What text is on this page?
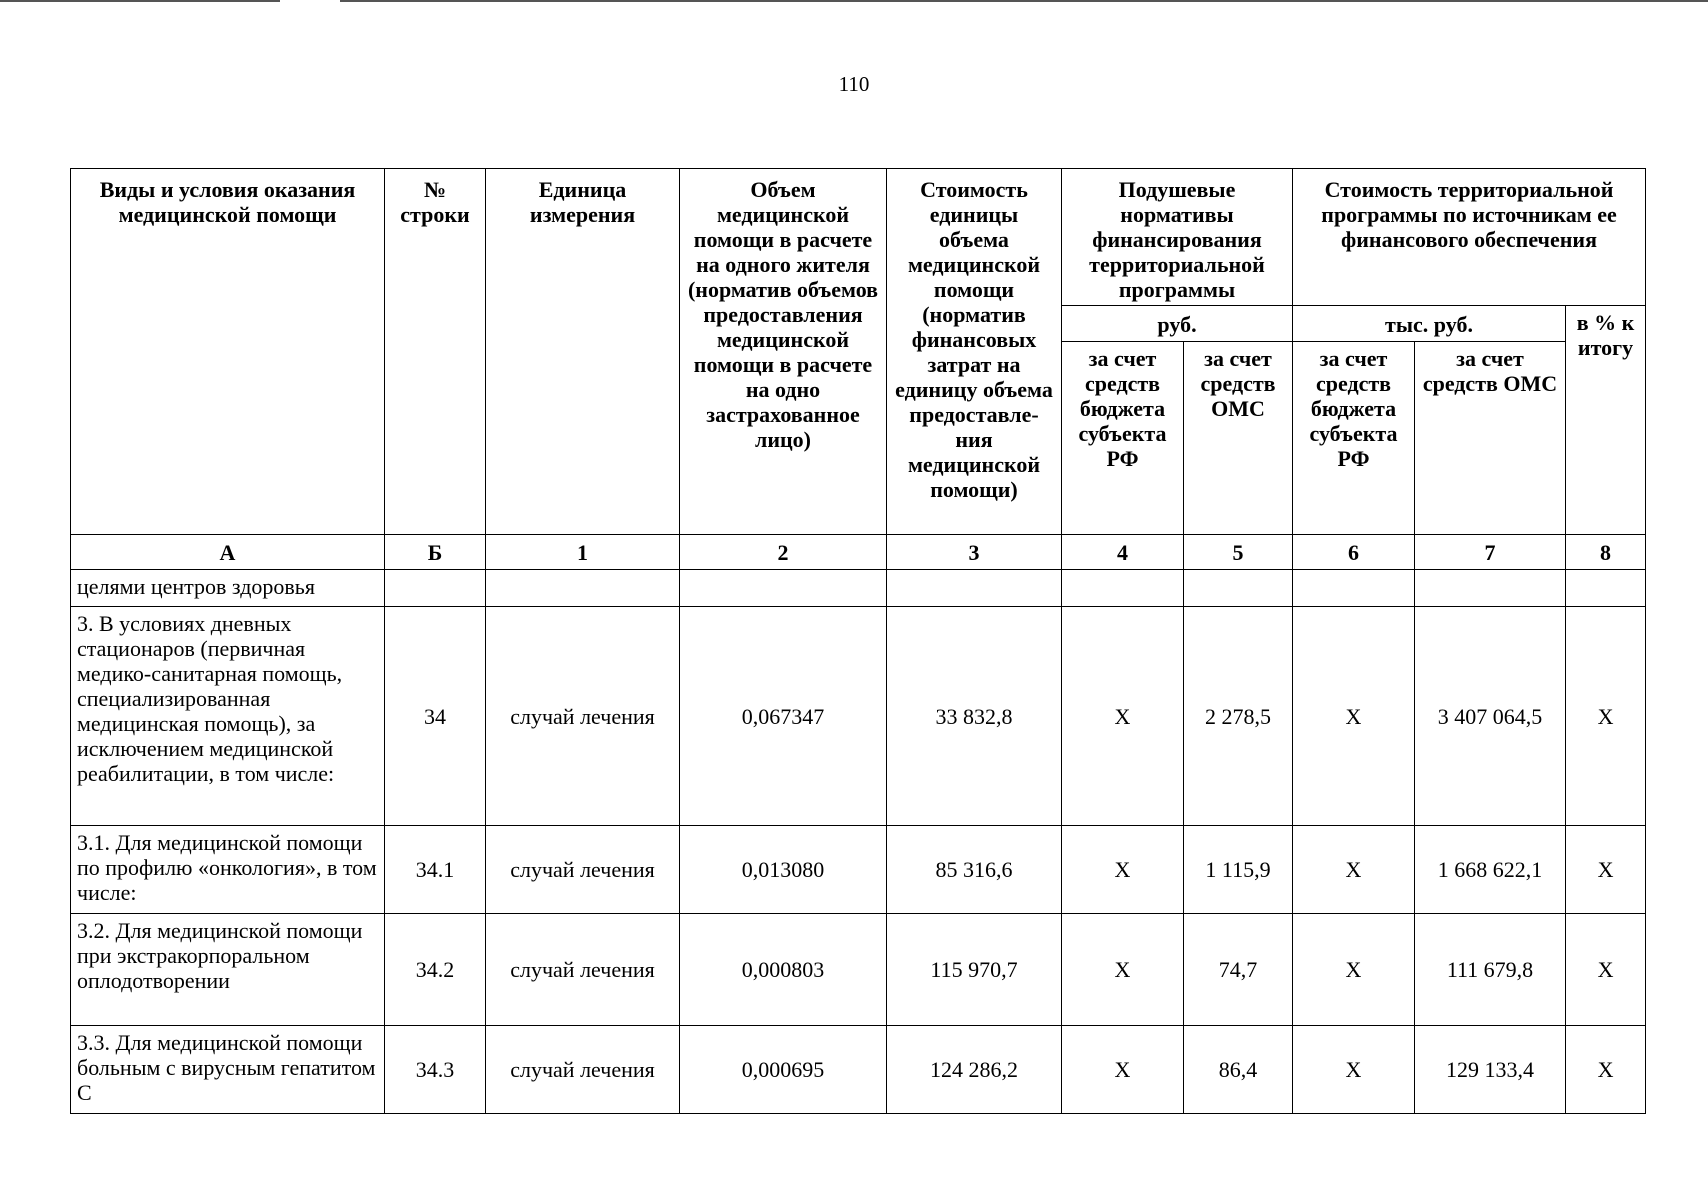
110
Виды и условия оказания медицинской помощи	№ строки	Единица измерения	Объем медицинской помощи в расчете на одного жителя (норматив объемов предоставления медицинской помощи в расчете на одно застрахованное лицо)	Стоимость единицы объема медицинской помощи (норматив финансовых затрат на единицу объема предоставле-ния медицинской помощи)	Подушевые нормативы финансирования территориальной программы		Стоимость территориальной программы по источникам ее финансового обеспечения		
					руб.		тыс. руб.		в % к итогу
					за счет средств бюджета субъекта РФ	за счет средств ОМС	за счет средств бюджета субъекта РФ	за счет средств ОМС	
А	Б	1	2	3	4	5	6	7	8
целями центров здоровья									
3. В условиях дневных стационаров (первичная медико-санитарная помощь, специализированная медицинская помощь), за исключением медицинской реабилитации, в том числе:	34	случай лечения	0,067347	33 832,8	Х	2 278,5	Х	3 407 064,5	Х
3.1. Для медицинской помощи по профилю «онкология», в том числе:	34.1	случай лечения	0,013080	85 316,6	Х	1 115,9	Х	1 668 622,1	Х
3.2. Для медицинской помощи при экстракорпоральном оплодотворении	34.2	случай лечения	0,000803	115 970,7	Х	74,7	Х	111 679,8	Х
3.3. Для медицинской помощи больным с вирусным гепатитом С	34.3	случай лечения	0,000695	124 286,2	Х	86,4	Х	129 133,4	Х
